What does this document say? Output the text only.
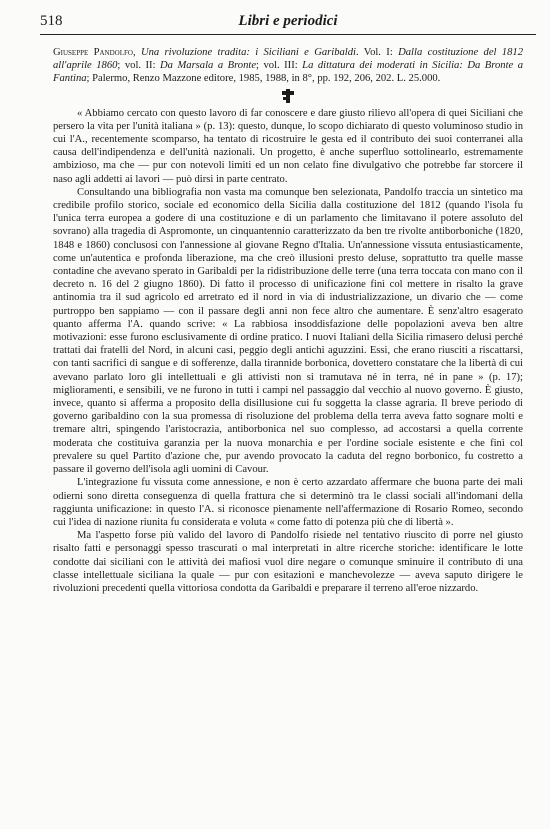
518	Libri e periodici

Giuseppe Pandolfo, Una rivoluzione tradita: i Siciliani e Garibaldi. Vol. I: Dalla costituzione del 1812 all'aprile 1860; vol. II: Da Marsala a Bronte; vol. III: La dittatura dei moderati in Sicilia: Da Bronte a Fantina; Palermo, Renzo Mazzone editore, 1985, 1988, in 8°, pp. 192, 206, 202. L. 25.000.

« Abbiamo cercato con questo lavoro di far conoscere e dare giusto rilievo all'opera di quei Siciliani che persero la vita per l'unità italiana » (p. 13): questo, dunque, lo scopo dichiarato di questo voluminoso studio in cui l'A., recentemente scomparso, ha tentato di ricostruire le gesta ed il contributo dei suoi conterranei alla causa dell'indipendenza e dell'unità nazionali. Un progetto, è anche superfluo sottolinearlo, estremamente ambizioso, ma che — pur con notevoli limiti ed un non celato fine divulgativo che potrebbe far storcere il naso agli addetti ai lavori — può dirsi in parte centrato.

Consultando una bibliografia non vasta ma comunque ben selezionata, Pandolfo traccia un sintetico ma credibile profilo storico, sociale ed economico della Sicilia dalla costituzione del 1812 (quando l'isola fu l'unica terra europea a godere di una costituzione e di un parlamento che limitavano il potere assoluto del sovrano) alla tragedia di Aspromonte, un cinquantennio caratterizzato da ben tre rivolte antiborboniche (1820, 1848 e 1860) conclusosi con l'annessione al giovane Regno d'Italia. Un'annessione vissuta entusiasticamente, come un'autentica e profonda liberazione, ma che creò illusioni presto deluse, soprattutto tra quelle masse contadine che avevano sperato in Garibaldi per la ridistribuzione delle terre (una terra toccata con mano con il decreto n. 16 del 2 giugno 1860). Di fatto il processo di unificazione finì col mettere in risalto la grave antinomia tra il sud agricolo ed arretrato ed il nord in via di industrializzazione, un divario che — come purtroppo ben sappiamo — con il passare degli anni non fece altro che aumentare. È senz'altro esagerato quanto afferma l'A. quando scrive: « La rabbiosa insoddisfazione delle popolazioni aveva ben altre motivazioni: esse furono esclusivamente di ordine pratico. I nuovi Italiani della Sicilia rimasero delusi perché trattati dai fratelli del Nord, in alcuni casi, peggio degli antichi aguzzini. Essi, che erano riusciti a riscattarsi, con tanti sacrifici di sangue e di sofferenze, dalla tirannide borbonica, dovettero constatare che la libertà di cui avevano parlato loro gli intellettuali e gli attivisti non si tramutava né in terra, né in pane » (p. 17); miglioramenti, e sensibili, ve ne furono in tutti i campi nel passaggio dal vecchio al nuovo governo. È giusto, invece, quanto si afferma a proposito della disillusione cui fu soggetta la classe agraria. Il breve periodo di governo garibaldino con la sua promessa di risoluzione del problema della terra aveva fatto sognare molti e tremare altri, spingendo l'aristocrazia, antiborbonica nel suo complesso, ad accostarsi a quella corrente moderata che costituiva garanzia per la nuova monarchia e per l'ordine sociale esistente e che finì col prevalere su quel Partito d'azione che, pur avendo provocato la caduta del regno borbonico, fu costretto a passare il governo dell'isola agli uomini di Cavour.

L'integrazione fu vissuta come annessione, e non è certo azzardato affermare che buona parte dei mali odierni sono diretta conseguenza di quella frattura che si determinò tra le classi sociali all'indomani della raggiunta unificazione: in questo l'A. si riconosce pienamente nell'affermazione di Rosario Romeo, secondo cui l'idea di nazione riunita fu considerata e voluta « come fatto di potenza più che di libertà ».

Ma l'aspetto forse più valido del lavoro di Pandolfo risiede nel tentativo riuscito di porre nel giusto risalto fatti e personaggi spesso trascurati o mal interpretati in altre ricerche storiche: identificare le lotte condotte dai siciliani con le attività dei mafiosi vuol dire negare o comunque sminuire il contributo di una classe intellettuale siciliana la quale — pur con esitazioni e manchevolezze — aveva saputo dirigere le rivoluzioni precedenti quella vittoriosa condotta da Garibaldi e preparare il terreno all'eroe nizzardo.
